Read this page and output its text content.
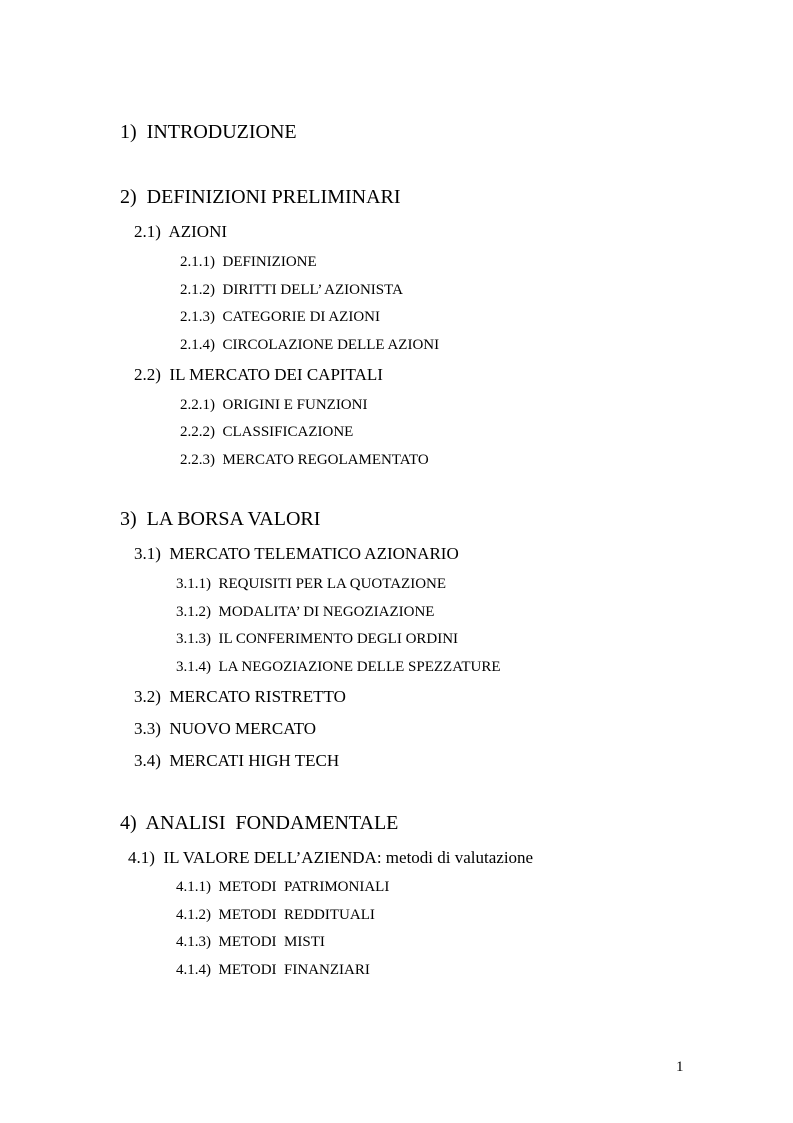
1)  INTRODUZIONE
2)  DEFINIZIONI PRELIMINARI
2.1)  AZIONI
2.1.1)  DEFINIZIONE
2.1.2)  DIRITTI DELL’ AZIONISTA
2.1.3)  CATEGORIE DI AZIONI
2.1.4)  CIRCOLAZIONE DELLE AZIONI
2.2)  IL MERCATO DEI CAPITALI
2.2.1)  ORIGINI E FUNZIONI
2.2.2)  CLASSIFICAZIONE
2.2.3)  MERCATO REGOLAMENTATO
3)  LA BORSA VALORI
3.1)  MERCATO TELEMATICO AZIONARIO
3.1.1)  REQUISITI PER LA QUOTAZIONE
3.1.2)  MODALITA’ DI NEGOZIAZIONE
3.1.3)  IL CONFERIMENTO DEGLI ORDINI
3.1.4)  LA NEGOZIAZIONE DELLE SPEZZATURE
3.2)  MERCATO RISTRETTO
3.3)  NUOVO MERCATO
3.4)  MERCATI HIGH TECH
4)  ANALISI  FONDAMENTALE
4.1)  IL VALORE DELL’AZIENDA: metodi di valutazione
4.1.1)  METODI  PATRIMONIALI
4.1.2)  METODI  REDDITUALI
4.1.3)  METODI  MISTI
4.1.4)  METODI  FINANZIARI
1
